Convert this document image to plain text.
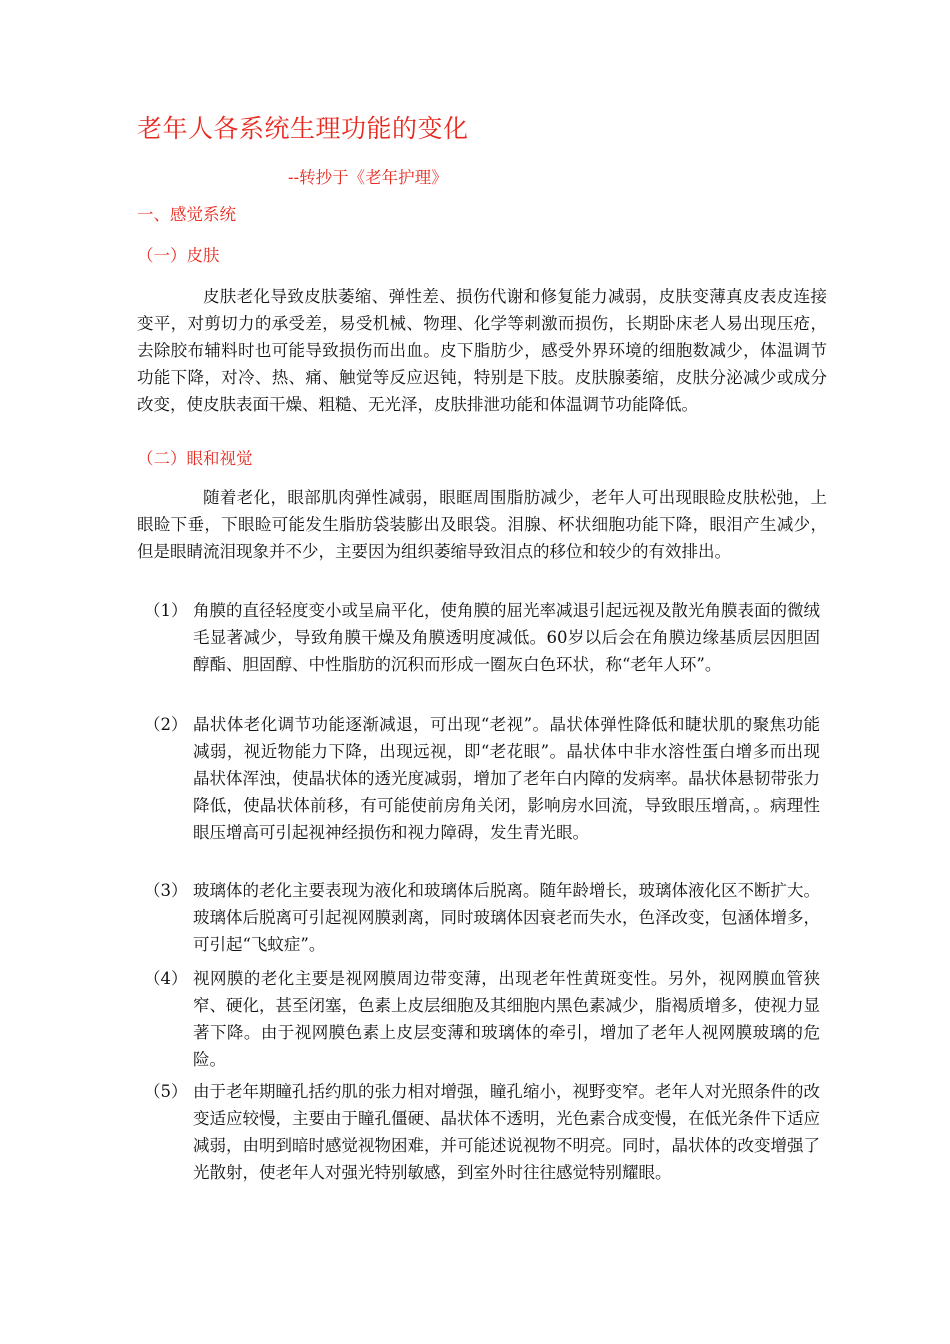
老年人各系统生理功能的变化
--转抄于《老年护理》
一、感觉系统
（一）皮肤

皮肤老化导致皮肤萎缩、弹性差、损伤代谢和修复能力减弱，皮肤变薄真皮表皮连接变平，对剪切力的承受差，易受机械、物理、化学等刺激而损伤，长期卧床老人易出现压疮，去除胶布辅料时也可能导致损伤而出血。皮下脂肪少，感受外界环境的细胞数减少，体温调节功能下降，对冷、热、痛、触觉等反应迟钝，特别是下肢。皮肤腺萎缩，皮肤分泌减少或成分改变，使皮肤表面干燥、粗糙、无光泽，皮肤排泄功能和体温调节功能降低。

（二）眼和视觉

随着老化，眼部肌肉弹性减弱，眼眶周围脂肪减少，老年人可出现眼睑皮肤松弛，上眼睑下垂，下眼睑可能发生脂肪袋装膨出及眼袋。泪腺、杯状细胞功能下降，眼泪产生减少，但是眼睛流泪现象并不少，主要因为组织萎缩导致泪点的移位和较少的有效排出。

（1） 角膜的直径轻度变小或呈扁平化，使角膜的屈光率减退引起远视及散光角膜表面的微绒毛显著减少，导致角膜干燥及角膜透明度减低。60岁以后会在角膜边缘基质层因胆固醇酯、胆固醇、中性脂肪的沉积而形成一圈灰白色环状，称“老年人环”。
（2） 晶状体老化调节功能逐渐减退，可出现“老视”。晶状体弹性降低和睫状肌的聚焦功能减弱，视近物能力下降，出现远视，即“老花眼”。晶状体中非水溶性蛋白增多而出现晶状体浑浊，使晶状体的透光度减弱，增加了老年白内障的发病率。晶状体悬韧带张力降低，使晶状体前移，有可能使前房角关闭，影响房水回流，导致眼压增高，。病理性眼压增高可引起视神经损伤和视力障碍，发生青光眼。
（3） 玻璃体的老化主要表现为液化和玻璃体后脱离。随年龄增长，玻璃体液化区不断扩大。玻璃体后脱离可引起视网膜剥离，同时玻璃体因衰老而失水，色泽改变，包涵体增多，可引起“飞蚊症”。
（4） 视网膜的老化主要是视网膜周边带变薄，出现老年性黄斑变性。另外，视网膜血管狭窄、硬化，甚至闭塞，色素上皮层细胞及其细胞内黑色素减少，脂褐质增多，使视力显著下降。由于视网膜色素上皮层变薄和玻璃体的牵引，增加了老年人视网膜玻璃的危险。
（5） 由于老年期瞳孔括约肌的张力相对增强，瞳孔缩小，视野变窄。老年人对光照条件的改变适应较慢，主要由于瞳孔僵硬、晶状体不透明，光色素合成变慢，在低光条件下适应减弱，由明到暗时感觉视物困难，并可能述说视物不明亮。同时，晶状体的改变增强了光散射，使老年人对强光特别敏感，到室外时往往感觉特别耀眼。
